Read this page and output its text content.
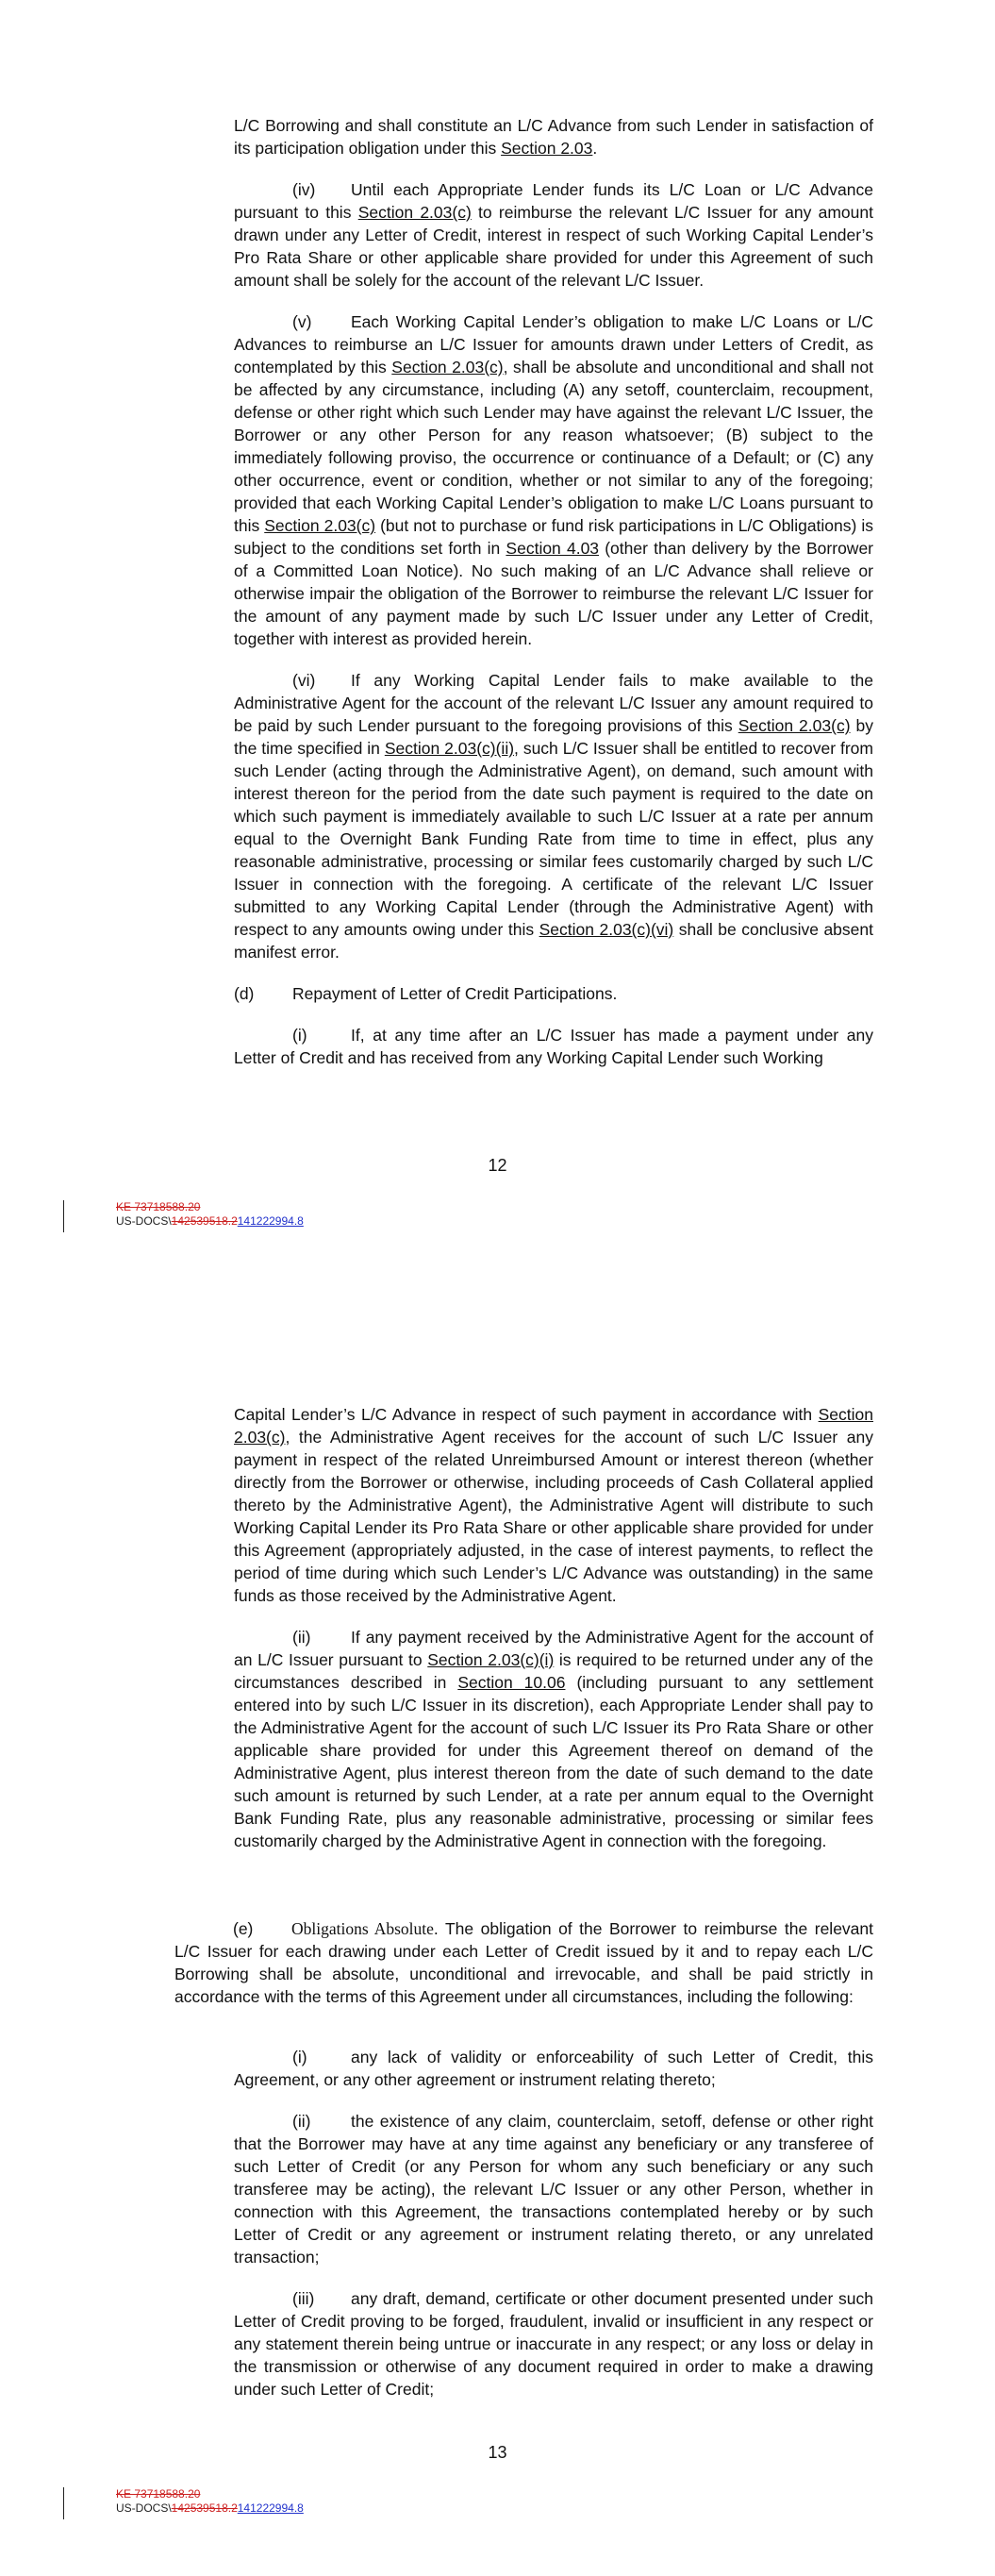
L/C Borrowing and shall constitute an L/C Advance from such Lender in satisfaction of its participation obligation under this Section 2.03.

(iv) Until each Appropriate Lender funds its L/C Loan or L/C Advance pursuant to this Section 2.03(c) to reimburse the relevant L/C Issuer for any amount drawn under any Letter of Credit, interest in respect of such Working Capital Lender’s Pro Rata Share or other applicable share provided for under this Agreement of such amount shall be solely for the account of the relevant L/C Issuer.

(v) Each Working Capital Lender’s obligation to make L/C Loans or L/C Advances to reimburse an L/C Issuer for amounts drawn under Letters of Credit, as contemplated by this Section 2.03(c), shall be absolute and unconditional and shall not be affected by any circumstance, including (A) any setoff, counterclaim, recoupment, defense or other right which such Lender may have against the relevant L/C Issuer, the Borrower or any other Person for any reason whatsoever; (B) subject to the immediately following proviso, the occurrence or continuance of a Default; or (C) any other occurrence, event or condition, whether or not similar to any of the foregoing; provided that each Working Capital Lender’s obligation to make L/C Loans pursuant to this Section 2.03(c) (but not to purchase or fund risk participations in L/C Obligations) is subject to the conditions set forth in Section 4.03 (other than delivery by the Borrower of a Committed Loan Notice). No such making of an L/C Advance shall relieve or otherwise impair the obligation of the Borrower to reimburse the relevant L/C Issuer for the amount of any payment made by such L/C Issuer under any Letter of Credit, together with interest as provided herein.

(vi) If any Working Capital Lender fails to make available to the Administrative Agent for the account of the relevant L/C Issuer any amount required to be paid by such Lender pursuant to the foregoing provisions of this Section 2.03(c) by the time specified in Section 2.03(c)(ii), such L/C Issuer shall be entitled to recover from such Lender (acting through the Administrative Agent), on demand, such amount with interest thereon for the period from the date such payment is required to the date on which such payment is immediately available to such L/C Issuer at a rate per annum equal to the Overnight Bank Funding Rate from time to time in effect, plus any reasonable administrative, processing or similar fees customarily charged by such L/C Issuer in connection with the foregoing. A certificate of the relevant L/C Issuer submitted to any Working Capital Lender (through the Administrative Agent) with respect to any amounts owing under this Section 2.03(c)(vi) shall be conclusive absent manifest error.

(d) Repayment of Letter of Credit Participations.

(i)	If, at any time after an L/C Issuer has made a payment under any Letter of Credit and has received from any Working Capital Lender such Working

12
KE 73718588.20
US-DOCS\142539518.2141222994.8

Capital Lender’s L/C Advance in respect of such payment in accordance with Section 2.03(c), the Administrative Agent receives for the account of such L/C Issuer any payment in respect of the related Unreimbursed Amount or interest thereon (whether directly from the Borrower or otherwise, including proceeds of Cash Collateral applied thereto by the Administrative Agent), the Administrative Agent will distribute to such Working Capital Lender its Pro Rata Share or other applicable share provided for under this Agreement (appropriately adjusted, in the case of interest payments, to reflect the period of time during which such Lender’s L/C Advance was outstanding) in the same funds as those received by the Administrative Agent.

(ii) If any payment received by the Administrative Agent for the account of an L/C Issuer pursuant to Section 2.03(c)(i) is required to be returned under any of the circumstances described in Section 10.06 (including pursuant to any settlement entered into by such L/C Issuer in its discretion), each Appropriate Lender shall pay to the Administrative Agent for the account of such L/C Issuer its Pro Rata Share or other applicable share provided for under this Agreement thereof on demand of the Administrative Agent, plus interest thereon from the date of such demand to the date such amount is returned by such Lender, at a rate per annum equal to the Overnight Bank Funding Rate, plus any reasonable administrative, processing or similar fees customarily charged by the Administrative Agent in connection with the foregoing.

(e) Obligations Absolute. The obligation of the Borrower to reimburse the relevant L/C Issuer for each drawing under each Letter of Credit issued by it and to repay each L/C Borrowing shall be absolute, unconditional and irrevocable, and shall be paid strictly in accordance with the terms of this Agreement under all circumstances, including the following:

(i)	any lack of validity or enforceability of such Letter of Credit, this Agreement, or any other agreement or instrument relating thereto;

(ii) the existence of any claim, counterclaim, setoff, defense or other right that the Borrower may have at any time against any beneficiary or any transferee of such Letter of Credit (or any Person for whom any such beneficiary or any such transferee may be acting), the relevant L/C Issuer or any other Person, whether in connection with this Agreement, the transactions contemplated hereby or by such Letter of Credit or any agreement or instrument relating thereto, or any unrelated transaction;

(iii) any draft, demand, certificate or other document presented under such Letter of Credit proving to be forged, fraudulent, invalid or insufficient in any respect or any statement therein being untrue or inaccurate in any respect; or any loss or delay in the transmission or otherwise of any document required in order to make a drawing under such Letter of Credit;

13
KE 73718588.20
US-DOCS\142539518.2141222994.8
